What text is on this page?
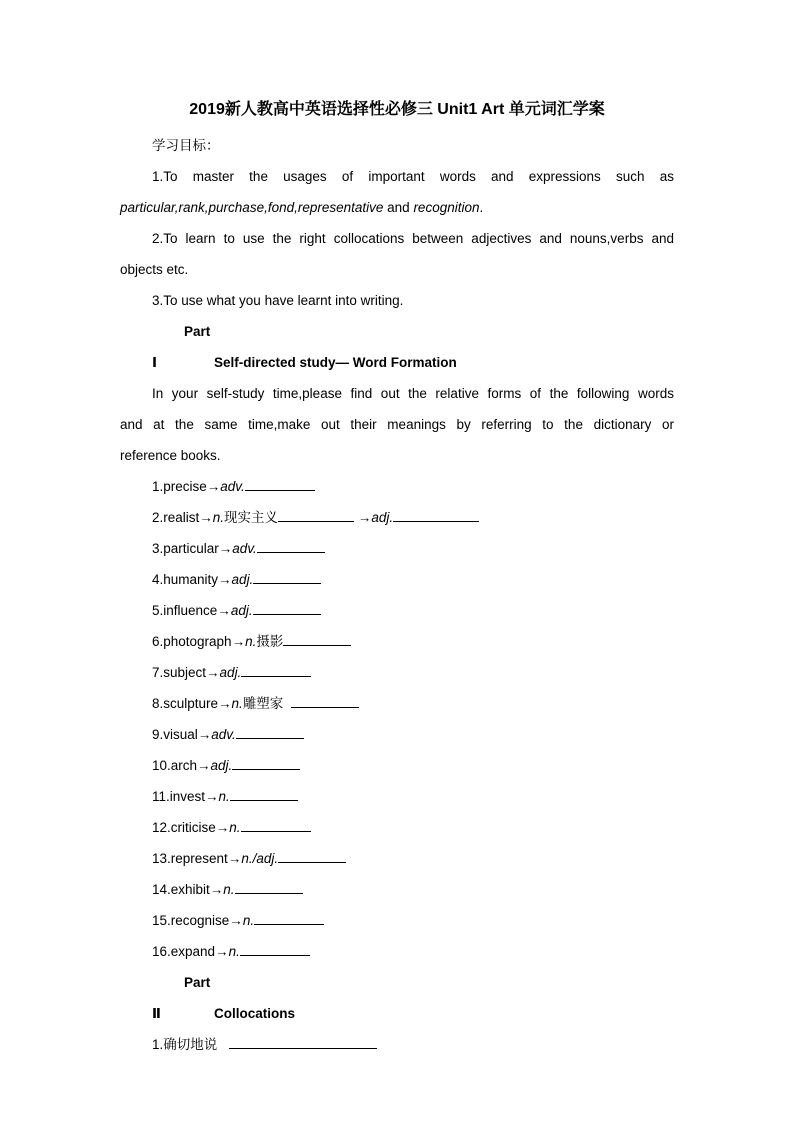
2019新人教高中英语选择性必修三 Unit1 Art 单元词汇学案

学习目标：

1.To master the usages of important words and expressions such as

particular,rank,purchase,fond,representative and recognition.

2.To learn to use the right collocations between adjectives and nouns,verbs and

objects etc.

3.To use what you have learnt into writing.

Part Ⅰ	Self-directed study— Word Formation

In your self-study time,please find out the relative forms of the following words

and at the same time,make out their meanings by referring to the dictionary or

reference books.

1.precise→adv.

2.realist→n.现实主义	→adj.

3.particular→adv.

4.humanity→adj.

5.influence→adj.

6.photograph→n.摄影

7.subject→adj.

8.sculpture→n.雕塑家

9.visual→adv.

10.arch→adj.

11.invest→n.

12.criticise→n.

13.represent→n./adj.

14.exhibit→n.

15.recognise→n.

16.expand→n.

Part Ⅱ	Collocations

1.确切地说
